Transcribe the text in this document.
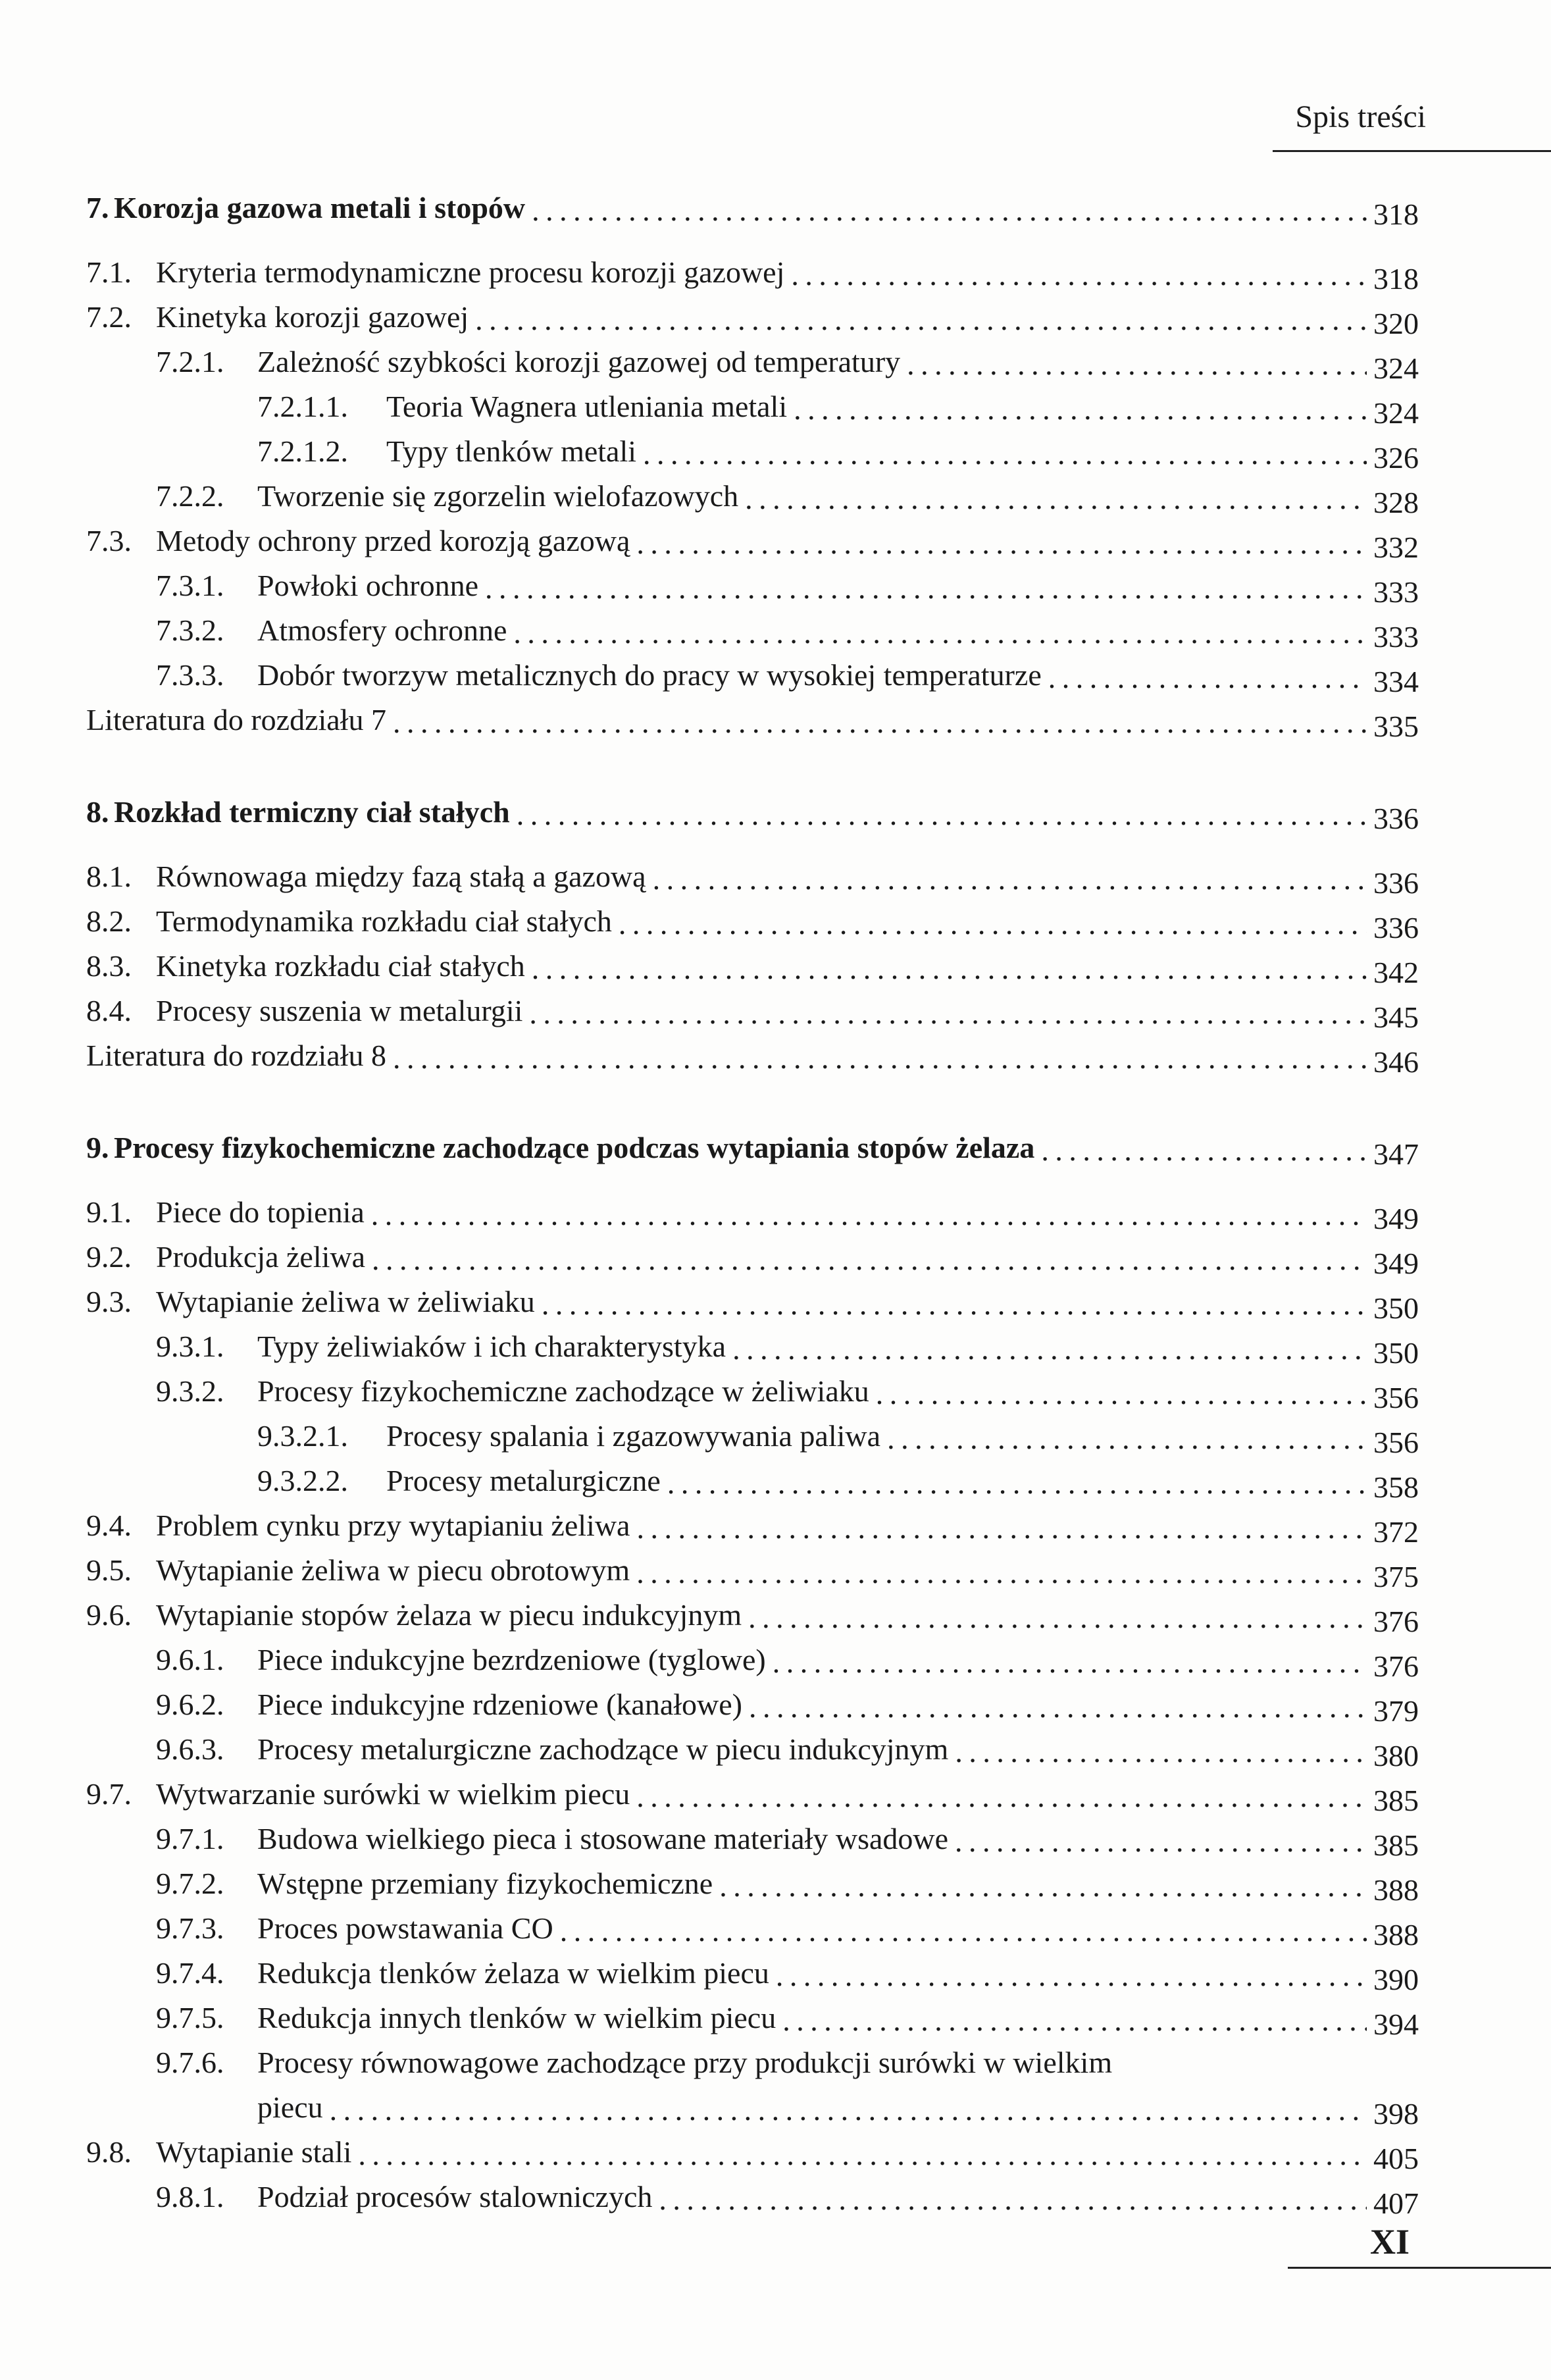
Spis treści
7. Korozja gazowa metali i stopów . . .	318
7.1. Kryteria termodynamiczne procesu korozji gazowej . . .	318
7.2. Kinetyka korozji gazowej . . .	320
7.2.1.	Zależność szybkości korozji gazowej od temperatury . . .	324
7.2.1.1.	Teoria Wagnera utleniania metali . . .	324
7.2.1.2.	Typy tlenków metali . . .	326
7.2.2.	Tworzenie się zgorzelin wielofazowych . . .	328
7.3. Metody ochrony przed korozją gazową . . .	332
7.3.1.	Powłoki ochronne . . .	333
7.3.2.	Atmosfery ochronne . . .	333
7.3.3.	Dobór tworzyw metalicznych do pracy w wysokiej temperaturze . . .	334
Literatura do rozdziału 7 . . .	335
8. Rozkład termiczny ciał stałych . . .	336
8.1. Równowaga między fazą stałą a gazową . . .	336
8.2. Termodynamika rozkładu ciał stałych . . .	336
8.3. Kinetyka rozkładu ciał stałych . . .	342
8.4. Procesy suszenia w metalurgii . . .	345
Literatura do rozdziału 8 . . .	346
9. Procesy fizykochemiczne zachodzące podczas wytapiania stopów żelaza . . .	347
9.1. Piece do topienia . . .	349
9.2. Produkcja żeliwa . . .	349
9.3. Wytapianie żeliwa w żeliwiaku . . .	350
9.3.1.	Typy żeliwiaków i ich charakterystyka . . .	350
9.3.2.	Procesy fizykochemiczne zachodzące w żeliwiaku . . .	356
9.3.2.1.	Procesy spalania i zgazowywania paliwa . . .	356
9.3.2.2.	Procesy metalurgiczne . . .	358
9.4. Problem cynku przy wytapianiu żeliwa . . .	372
9.5. Wytapianie żeliwa w piecu obrotowym . . .	375
9.6. Wytapianie stopów żelaza w piecu indukcyjnym . . .	376
9.6.1.	Piece indukcyjne bezrdzeniowe (tyglowe) . . .	376
9.6.2.	Piece indukcyjne rdzeniowe (kanałowe) . . .	379
9.6.3.	Procesy metalurgiczne zachodzące w piecu indukcyjnym . . .	380
9.7. Wytwarzanie surówki w wielkim piecu . . .	385
9.7.1.	Budowa wielkiego pieca i stosowane materiały wsadowe . . .	385
9.7.2.	Wstępne przemiany fizykochemiczne . . .	388
9.7.3.	Proces powstawania CO . . .	388
9.7.4.	Redukcja tlenków żelaza w wielkim piecu . . .	390
9.7.5.	Redukcja innych tlenków w wielkim piecu . . .	394
9.7.6.	Procesy równowagowe zachodzące przy produkcji surówki w wielkim
piecu . . .	398
9.8. Wytapianie stali . . .	405
9.8.1.	Podział procesów stalowniczych . . .	407
XI
